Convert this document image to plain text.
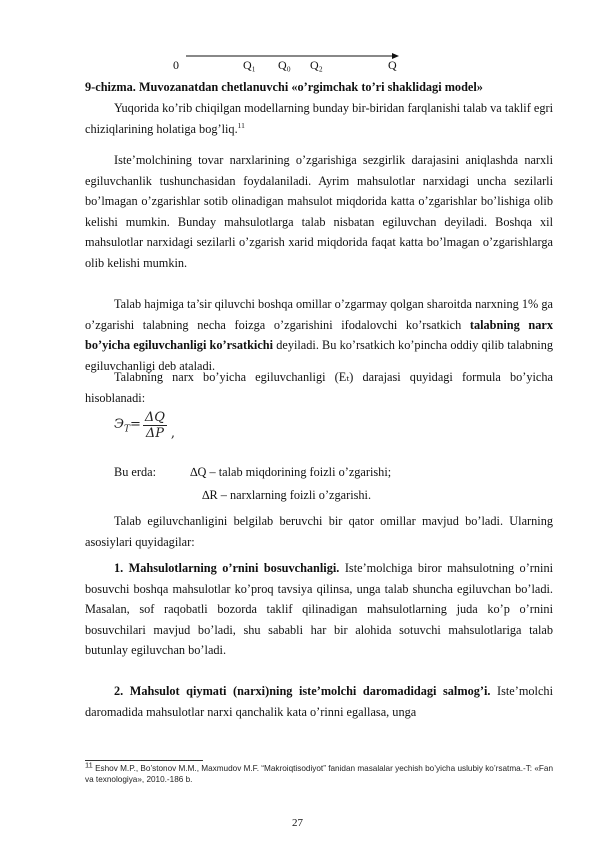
0	Q₁ Q₀ Q₂	Q
9-chizma. Muvozanatdan chetlanuvchi «o’rgimchak to’ri shaklidagi model»

Yuqorida ko’rib chiqilgan modellarning bunday bir-biridan farqlanishi talab va taklif egri chiziqlarining holatiga bog’liq.$^{11}$

Iste’molchining tovar narxlarining o’zgarishiga sezgirlik darajasini aniqlashda narxli egiluvchanlik tushunchasidan foydalaniladi. Ayrim mahsulotlar narxidagi uncha sezilarli bo’lmagan o’zgarishlar sotib olinadigan mahsulot miqdorida katta o’zgarishlar bo’lishiga olib kelishi mumkin. Bunday mahsulotlarga talab nisbatan egiluvchan deyiladi. Boshqa xil mahsulotlar narxidagi sezilarli o’zgarish xarid miqdorida faqat katta bo’lmagan o’zgarishlarga olib kelishi mumkin.

Talab hajmiga ta’sir qiluvchi boshqa omillar o’zgarmay qolgan sharoitda narxning 1% ga o’zgarishi talabning necha foizga o’zgarishini ifodalovchi ko’rsatkich talabning narx bo’yicha egiluvchanligi ko’rsatkichi deyiladi. Bu ko’rsatkich ko’pincha oddiy qilib talabning egiluvchanligi deb ataladi.

Talabning narx bo’yicha egiluvchanligi (Eₜ) darajasi quyidagi formula bo’yicha hisoblanadi:

$Э_T= \frac{\Delta Q}{\Delta P}$ ,
Bu erda:	∆Q – talab miqdorining foizli o’zgarishi;
∆R – narxlarning foizli o’zgarishi.

Talab egiluvchanligini belgilab beruvchi bir qator omillar mavjud bo’ladi. Ularning asosiylari quyidagilar:

1. Mahsulotlarning o’rnini bosuvchanligi. Iste’molchiga biror mahsulotning o’rnini bosuvchi boshqa mahsulotlar ko’proq tavsiya qilinsa, unga talab shuncha egiluvchan bo’ladi. Masalan, sof raqobatli bozorda taklif qilinadigan mahsulotlarning juda ko’p o’rnini bosuvchilari mavjud bo’ladi, shu sababli har bir alohida sotuvchi mahsulotlariga talab butunlay egiluvchan bo’ladi.

2. Mahsulot qiymati (narxi)ning iste’molchi daromadidagi salmog’i. Iste’molchi daromadida mahsulotlar narxi qanchalik kata o’rinni egallasa, unga

$^{11}$ Eshov M.P., Bo’stonov M.M., Maxmudov M.F. “Makroiqtisodiyot” fanidan masalalar yechish bo’yicha uslubiy ko’rsatma.-T: «Fan va texnologiya», 2010.-186 b.
27
